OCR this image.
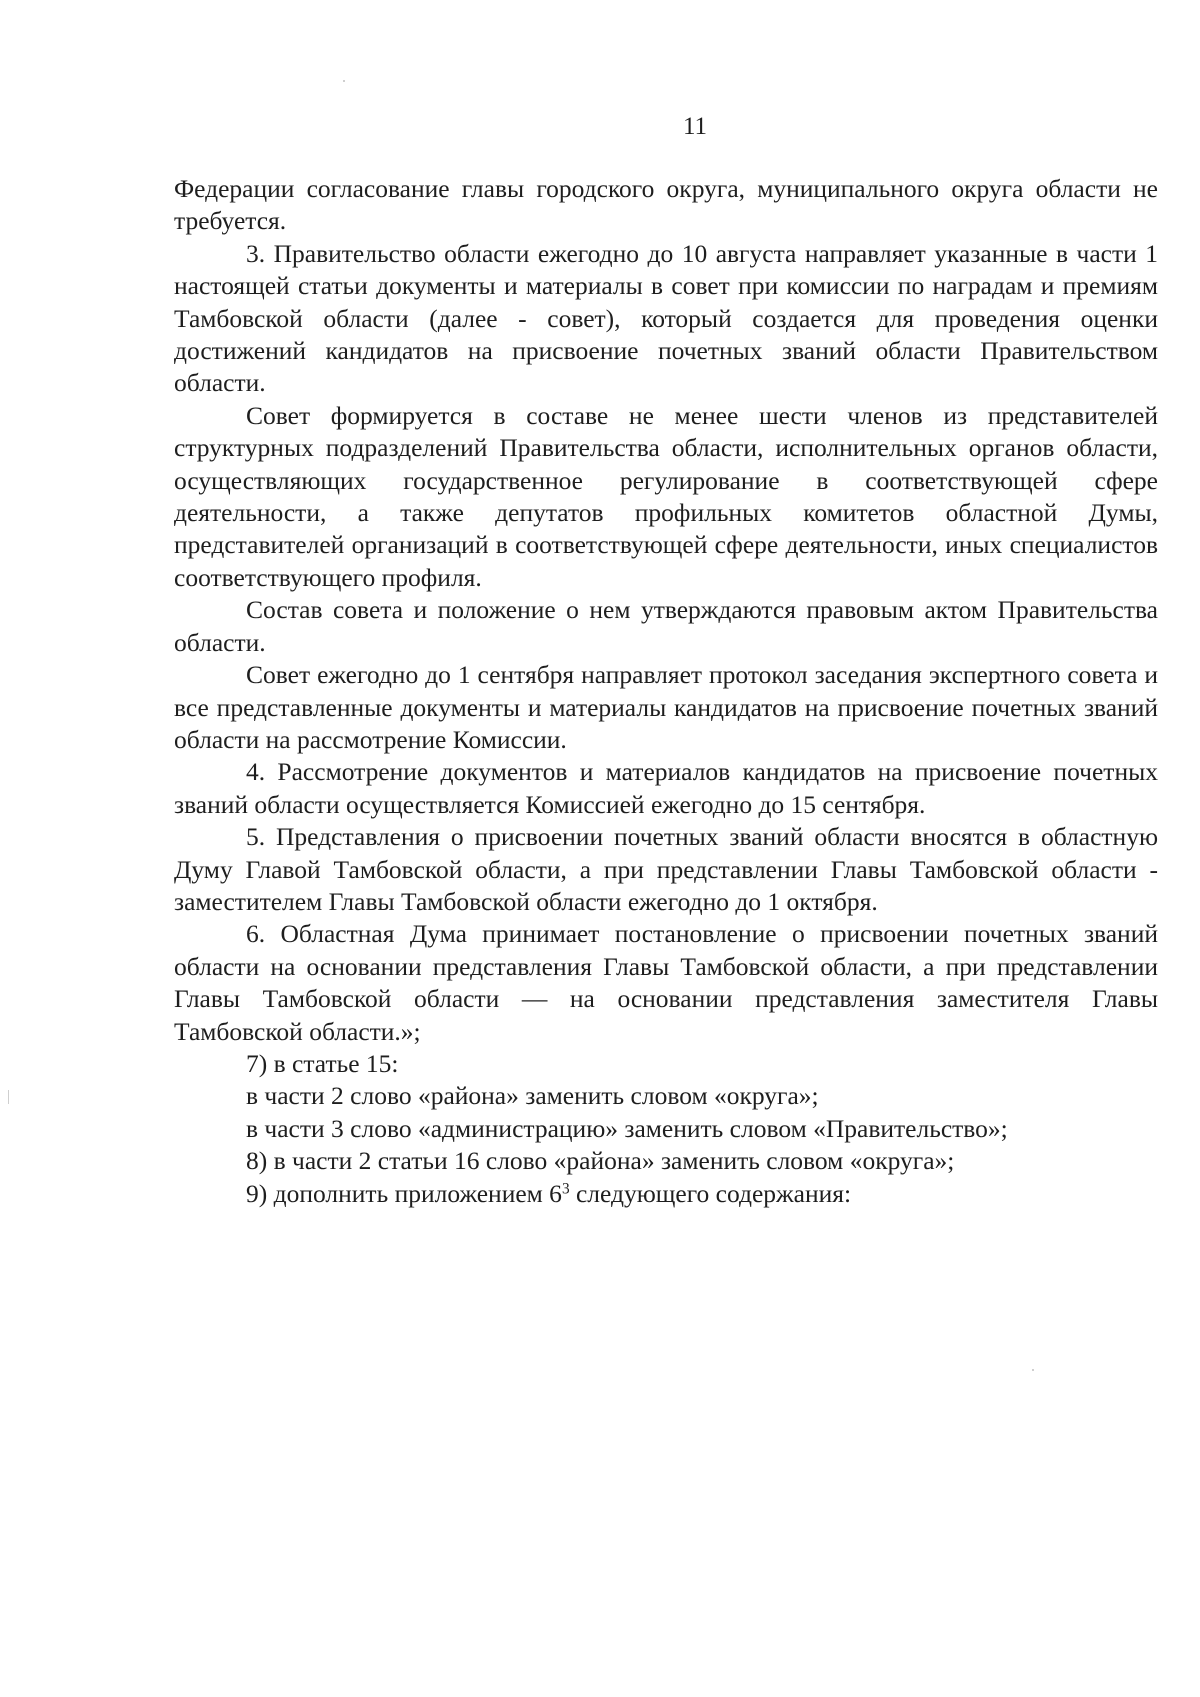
11

Федерации согласование главы городского округа, муниципального округа области не требуется.

3. Правительство области ежегодно до 10 августа направляет указанные в части 1 настоящей статьи документы и материалы в совет при комиссии по наградам и премиям Тамбовской области (далее - совет), который создается для проведения оценки достижений кандидатов на присвоение почетных званий области Правительством области.

Совет формируется в составе не менее шести членов из представителей структурных подразделений Правительства области, исполнительных органов области, осуществляющих государственное регулирование в соответствующей сфере деятельности, а также депутатов профильных комитетов областной Думы, представителей организаций в соответствующей сфере деятельности, иных специалистов соответствующего профиля.

Состав совета и положение о нем утверждаются правовым актом Правительства области.

Совет ежегодно до 1 сентября направляет протокол заседания экспертного совета и все представленные документы и материалы кандидатов на присвоение почетных званий области на рассмотрение Комиссии.

4. Рассмотрение документов и материалов кандидатов на присвоение почетных званий области осуществляется Комиссией ежегодно до 15 сентября.

5. Представления о присвоении почетных званий области вносятся в областную Думу Главой Тамбовской области, а при представлении Главы Тамбовской области - заместителем Главы Тамбовской области ежегодно до 1 октября.

6. Областная Дума принимает постановление о присвоении почетных званий области на основании представления Главы Тамбовской области, а при представлении Главы Тамбовской области — на основании представления заместителя Главы Тамбовской области.»;

7) в статье 15:

в части 2 слово «района» заменить словом «округа»;

в части 3 слово «администрацию» заменить словом «Правительство»;

8) в части 2 статьи 16 слово «района» заменить словом «округа»;

9) дополнить приложением $6^3$ следующего содержания:
